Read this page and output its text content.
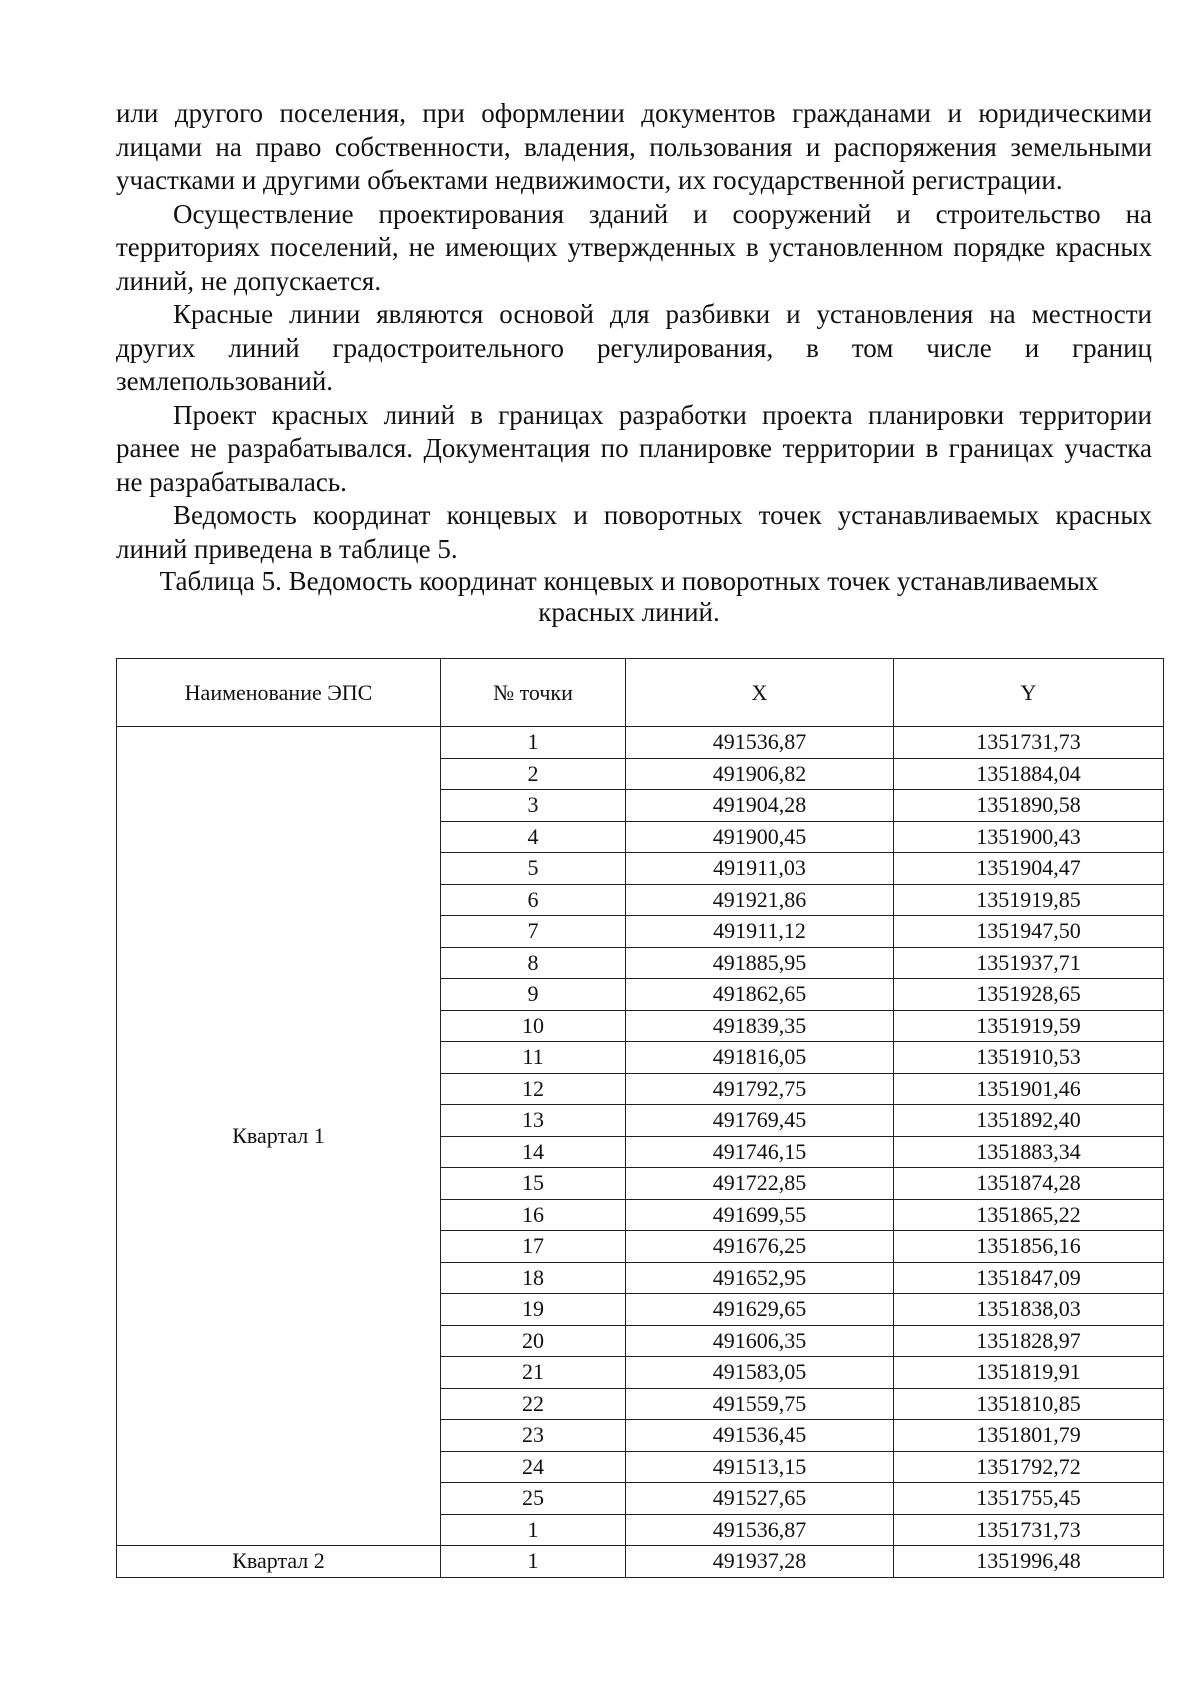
или другого поселения, при оформлении документов гражданами и юридическими лицами на право собственности, владения, пользования и распоряжения земельными участками и другими объектами недвижимости, их государственной регистрации.

Осуществление проектирования зданий и сооружений и строительство на территориях поселений, не имеющих утвержденных в установленном порядке красных линий, не допускается.

Красные линии являются основой для разбивки и установления на местности других линий градостроительного регулирования, в том числе и границ землепользований.

Проект красных линий в границах разработки проекта планировки территории ранее не разрабатывался. Документация по планировке территории в границах участка не разрабатывалась.

Ведомость координат концевых и поворотных точек устанавливаемых красных линий приведена в таблице 5.

Таблица 5. Ведомость координат концевых и поворотных точек устанавливаемых красных линий.

Наименование ЭПС	№ точки	X	Y
Квартал 1	1	491536,87	1351731,73
	2	491906,82	1351884,04
	3	491904,28	1351890,58
	4	491900,45	1351900,43
	5	491911,03	1351904,47
	6	491921,86	1351919,85
	7	491911,12	1351947,50
	8	491885,95	1351937,71
	9	491862,65	1351928,65
	10	491839,35	1351919,59
	11	491816,05	1351910,53
	12	491792,75	1351901,46
	13	491769,45	1351892,40
	14	491746,15	1351883,34
	15	491722,85	1351874,28
	16	491699,55	1351865,22
	17	491676,25	1351856,16
	18	491652,95	1351847,09
	19	491629,65	1351838,03
	20	491606,35	1351828,97
	21	491583,05	1351819,91
	22	491559,75	1351810,85
	23	491536,45	1351801,79
	24	491513,15	1351792,72
	25	491527,65	1351755,45
	1	491536,87	1351731,73
Квартал 2	1	491937,28	1351996,48
